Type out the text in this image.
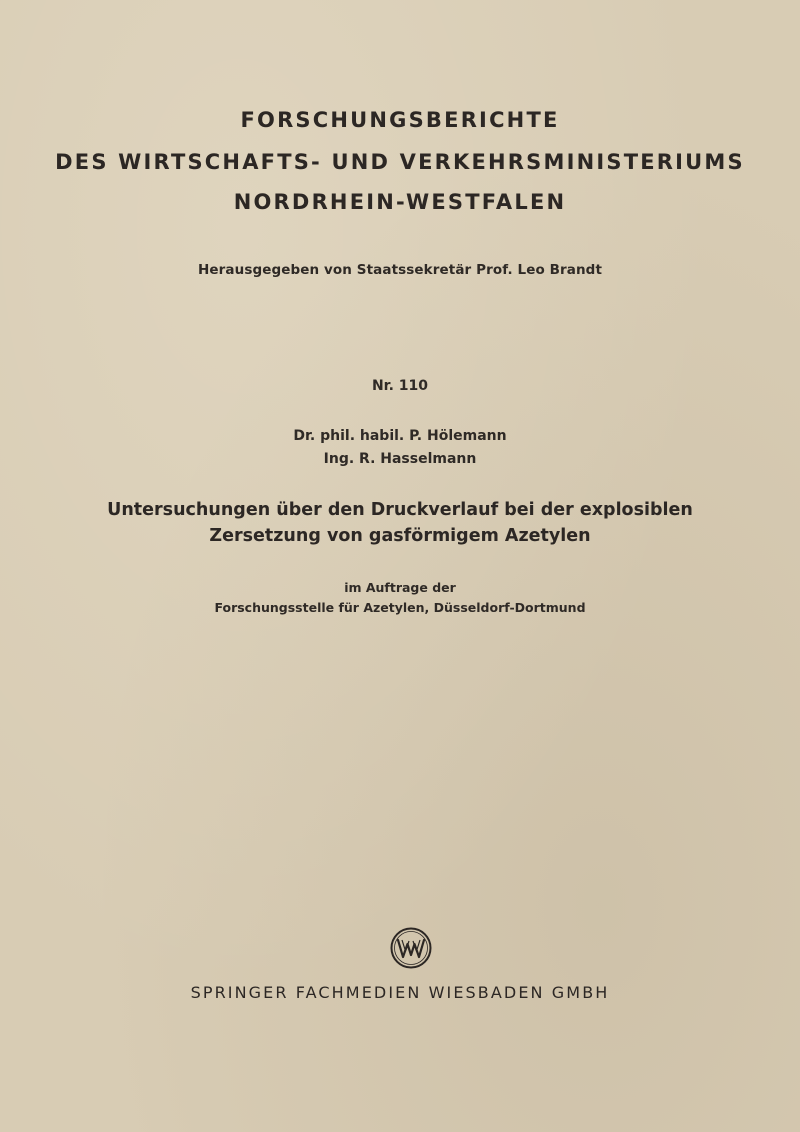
FORSCHUNGSBERICHTE
DES WIRTSCHAFTS- UND VERKEHRSMINISTERIUMS
NORDRHEIN-WESTFALEN
Herausgegeben von Staatssekretär Prof. Leo Brandt
Nr. 110
Dr. phil. habil. P. Hölemann
Ing. R. Hasselmann
Untersuchungen über den Druckverlauf bei der explosiblen
Zersetzung von gasförmigem Azetylen
im Auftrage der
Forschungsstelle für Azetylen, Düsseldorf-Dortmund
SPRINGER FACHMEDIEN WIESBADEN GMBH
